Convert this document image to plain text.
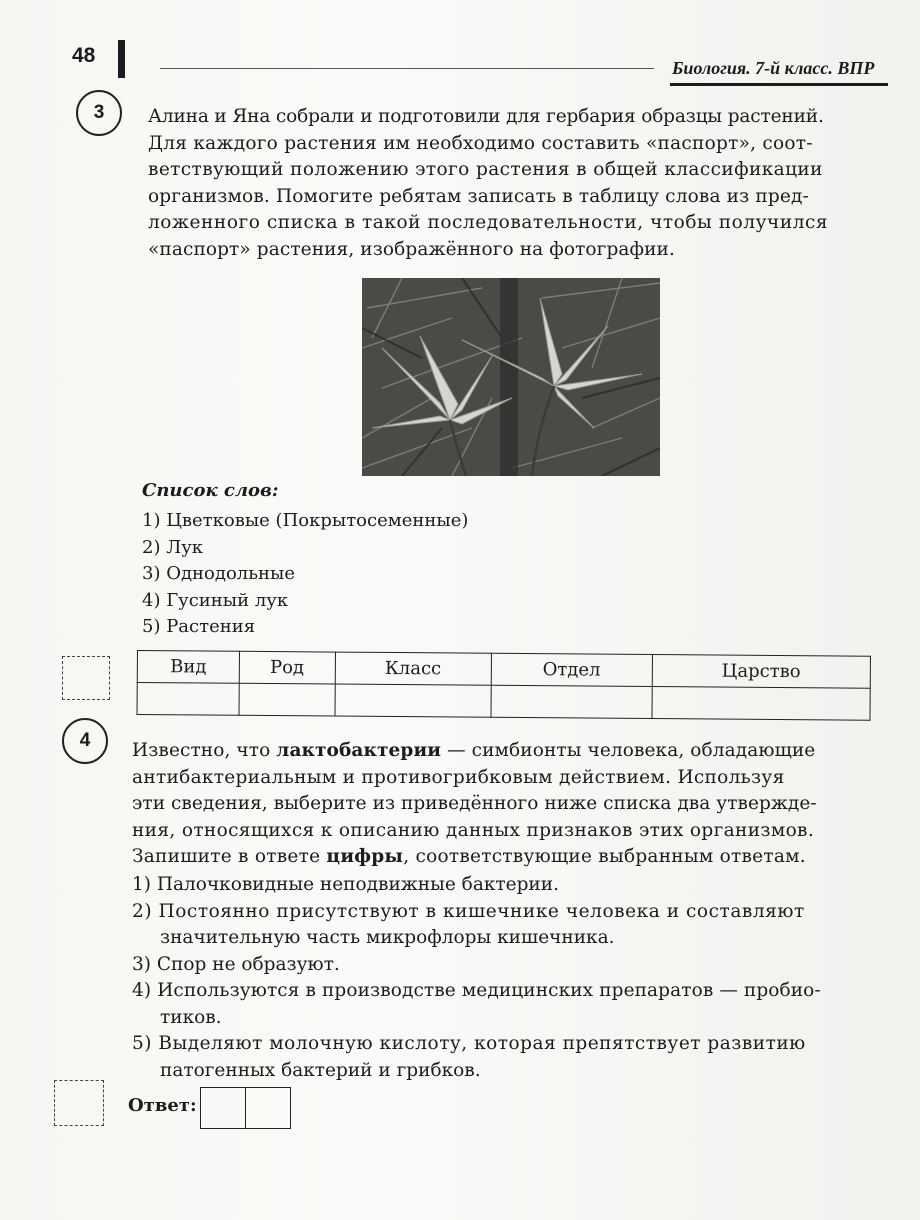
48
Биология. 7-й класс. ВПР
3	Алина и Яна собрали и подготовили для гербария образцы растений.
Для каждого растения им необходимо составить «паспорт», соот-
ветствующий положению этого растения в общей классификации
организмов. Помогите ребятам записать в таблицу слова из пред-
ложенного списка в такой последовательности, чтобы получился
«паспорт» растения, изображённого на фотографии.
Список слов:
1) Цветковые (Покрытосеменные)
2) Лук
3) Однодольные
4) Гусиный лук
5) Растения
Вид	Род	Класс	Отдел	Царство

4	Известно, что лактобактерии — симбионты человека, обладающие
антибактериальным и противогрибковым действием. Используя
эти сведения, выберите из приведённого ниже списка два утвержде-
ния, относящихся к описанию данных признаков этих организмов.
Запишите в ответе цифры, соответствующие выбранным ответам.
1) Палочковидные неподвижные бактерии.
2) Постоянно присутствуют в кишечнике человека и составляют
значительную часть микрофлоры кишечника.
3) Спор не образуют.
4) Используются в производстве медицинских препаратов — пробио-
тиков.
5) Выделяют молочную кислоту, которая препятствует развитию
патогенных бактерий и грибков.
Ответ:
